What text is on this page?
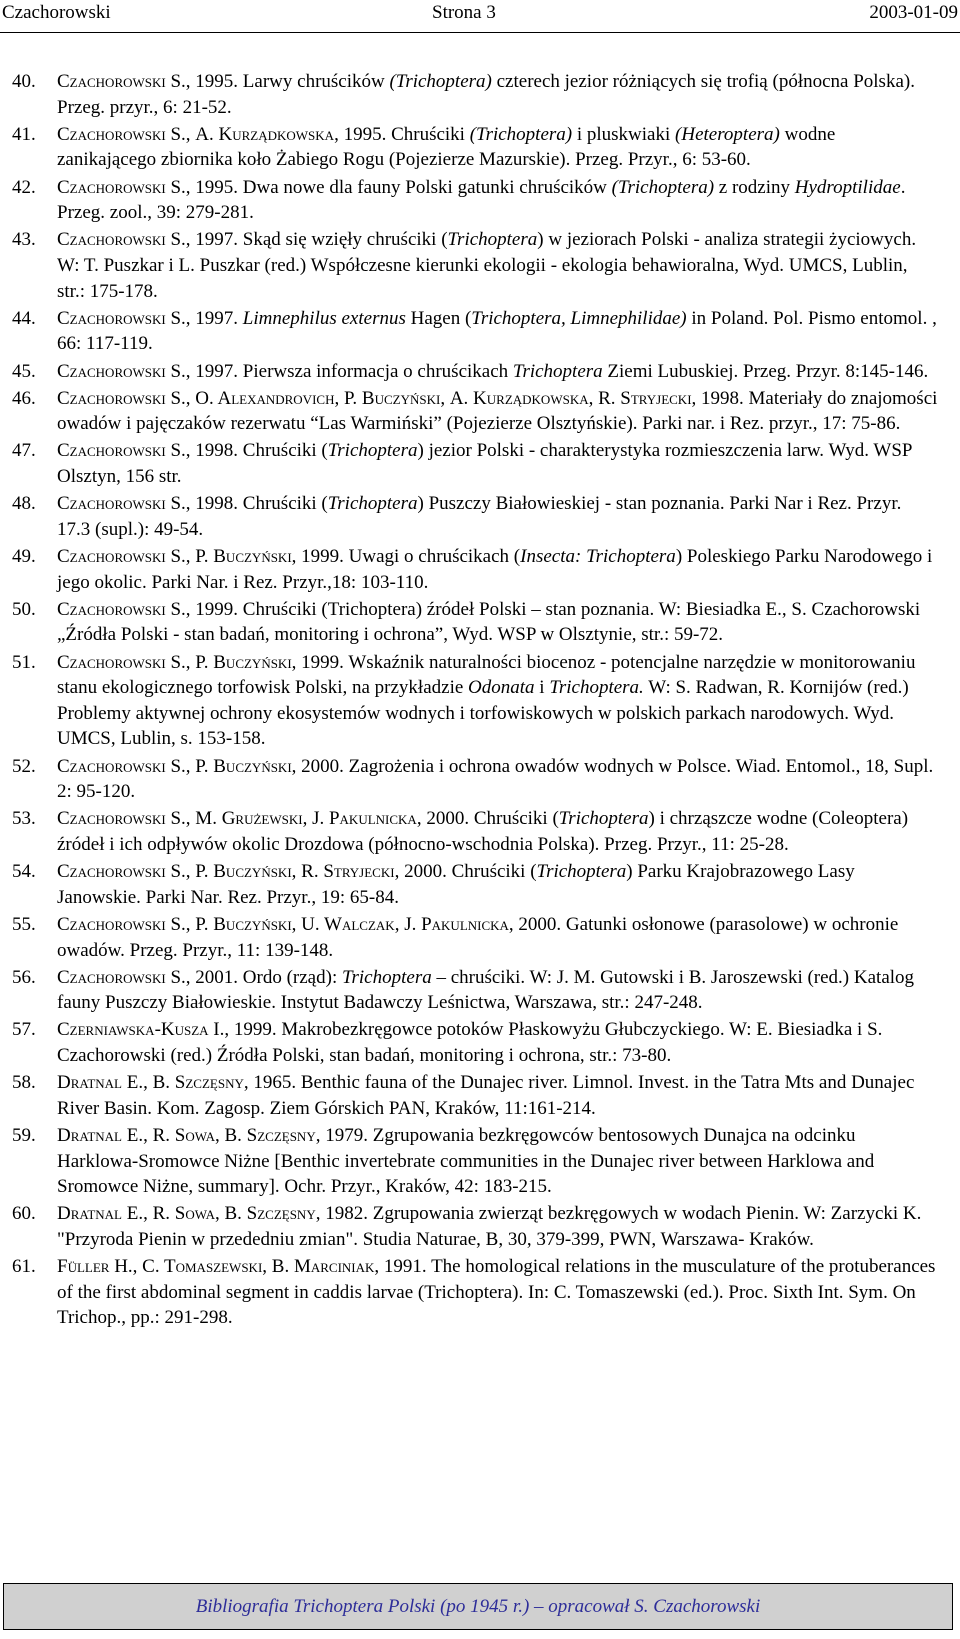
Czachorowski	Strona 3	2003-01-09
40. Czachorowski S., 1995. Larwy chruścików (Trichoptera) czterech jezior różniących się trofią (północna Polska). Przeg. przyr., 6: 21-52.
41. Czachorowski S., A. Kurządkowska, 1995. Chruściki (Trichoptera) i pluskwiaki (Heteroptera) wodne zanikającego zbiornika koło Żabiego Rogu (Pojezierze Mazurskie). Przeg. Przyr., 6: 53-60.
42. Czachorowski S., 1995. Dwa nowe dla fauny Polski gatunki chruścików (Trichoptera) z rodziny Hydroptilidae. Przeg. zool., 39: 279-281.
43. Czachorowski S., 1997. Skąd się wzięły chruściki (Trichoptera) w jeziorach Polski - analiza strategii życiowych. W: T. Puszkar i L. Puszkar (red.) Współczesne kierunki ekologii - ekologia behawioralna, Wyd. UMCS, Lublin, str.: 175-178.
44. Czachorowski S., 1997. Limnephilus externus Hagen (Trichoptera, Limnephilidae) in Poland. Pol. Pismo entomol. , 66: 117-119.
45. Czachorowski S., 1997. Pierwsza informacja o chruścikach Trichoptera Ziemi Lubuskiej. Przeg. Przyr. 8:145-146.
46. Czachorowski S., O. Alexandrovich, P. Buczyński, A. Kurządkowska, R. Stryjecki, 1998. Materiały do znajomości owadów i pajęczaków rezerwatu “Las Warmiński” (Pojezierze Olsztyńskie). Parki nar. i Rez. przyr., 17: 75-86.
47. Czachorowski S., 1998. Chruściki (Trichoptera) jezior Polski - charakterystyka rozmieszczenia larw. Wyd. WSP Olsztyn, 156 str.
48. Czachorowski S., 1998. Chruściki (Trichoptera) Puszczy Białowieskiej - stan poznania. Parki Nar i Rez. Przyr. 17.3 (supl.): 49-54.
49. Czachorowski S., P. Buczyński, 1999. Uwagi o chruścikach (Insecta: Trichoptera) Poleskiego Parku Narodowego i jego okolic. Parki Nar. i Rez. Przyr.,18: 103-110.
50. Czachorowski S., 1999. Chruściki (Trichoptera) źródeł Polski – stan poznania. W: Biesiadka E., S. Czachorowski „Źródła Polski - stan badań, monitoring i ochrona”, Wyd. WSP w Olsztynie, str.: 59-72.
51. Czachorowski S., P. Buczyński, 1999. Wskaźnik naturalności biocenoz - potencjalne narzędzie w monitorowaniu stanu ekologicznego torfowisk Polski, na przykładzie Odonata i Trichoptera. W: S. Radwan, R. Kornijów (red.) Problemy aktywnej ochrony ekosystemów wodnych i torfowiskowych w polskich parkach narodowych. Wyd. UMCS, Lublin, s. 153-158.
52. Czachorowski S., P. Buczyński, 2000. Zagrożenia i ochrona owadów wodnych w Polsce. Wiad. Entomol., 18, Supl. 2: 95-120.
53. Czachorowski S., M. Grużewski, J. Pakulnicka, 2000. Chruściki (Trichoptera) i chrząszcze wodne (Coleoptera) źródeł i ich odpływów okolic Drozdowa (północno-wschodnia Polska). Przeg. Przyr., 11: 25-28.
54. Czachorowski S., P. Buczyński, R. Stryjecki, 2000. Chruściki (Trichoptera) Parku Krajobrazowego Lasy Janowskie. Parki Nar. Rez. Przyr., 19: 65-84.
55. Czachorowski S., P. Buczyński, U. Walczak, J. Pakulnicka, 2000. Gatunki osłonowe (parasolowe) w ochronie owadów. Przeg. Przyr., 11: 139-148.
56. Czachorowski S., 2001. Ordo (rząd): Trichoptera – chruściki. W: J. M. Gutowski i B. Jaroszewski (red.) Katalog fauny Puszczy Białowieskie. Instytut Badawczy Leśnictwa, Warszawa, str.: 247-248.
57. Czerniawska-Kusza I., 1999. Makrobezkręgowce potoków Płaskowyżu Głubczyckiego. W: E. Biesiadka i S. Czachorowski (red.) Źródła Polski, stan badań, monitoring i ochrona, str.: 73-80.
58. Dratnal E., B. Szczęsny, 1965. Benthic fauna of the Dunajec river. Limnol. Invest. in the Tatra Mts and Dunajec River Basin. Kom. Zagosp. Ziem Górskich PAN, Kraków, 11:161-214.
59. Dratnal E., R. Sowa, B. Szczęsny, 1979. Zgrupowania bezkręgowców bentosowych Dunajca na odcinku Harklowa-Sromowce Niżne [Benthic invertebrate communities in the Dunajec river between Harklowa and Sromowce Niżne, summary]. Ochr. Przyr., Kraków, 42: 183-215.
60. Dratnal E., R. Sowa, B. Szczęsny, 1982. Zgrupowania zwierząt bezkręgowych w wodach Pienin. W: Zarzycki K. "Przyroda Pienin w przededniu zmian". Studia Naturae, B, 30, 379-399, PWN, Warszawa- Kraków.
61. Füller H., C. Tomaszewski, B. Marciniak, 1991. The homological relations in the musculature of the protuberances of the first abdominal segment in caddis larvae (Trichoptera). In: C. Tomaszewski (ed.). Proc. Sixth Int. Sym. On Trichop., pp.: 291-298.
Bibliografia Trichoptera Polski (po 1945 r.) – opracował S. Czachorowski
